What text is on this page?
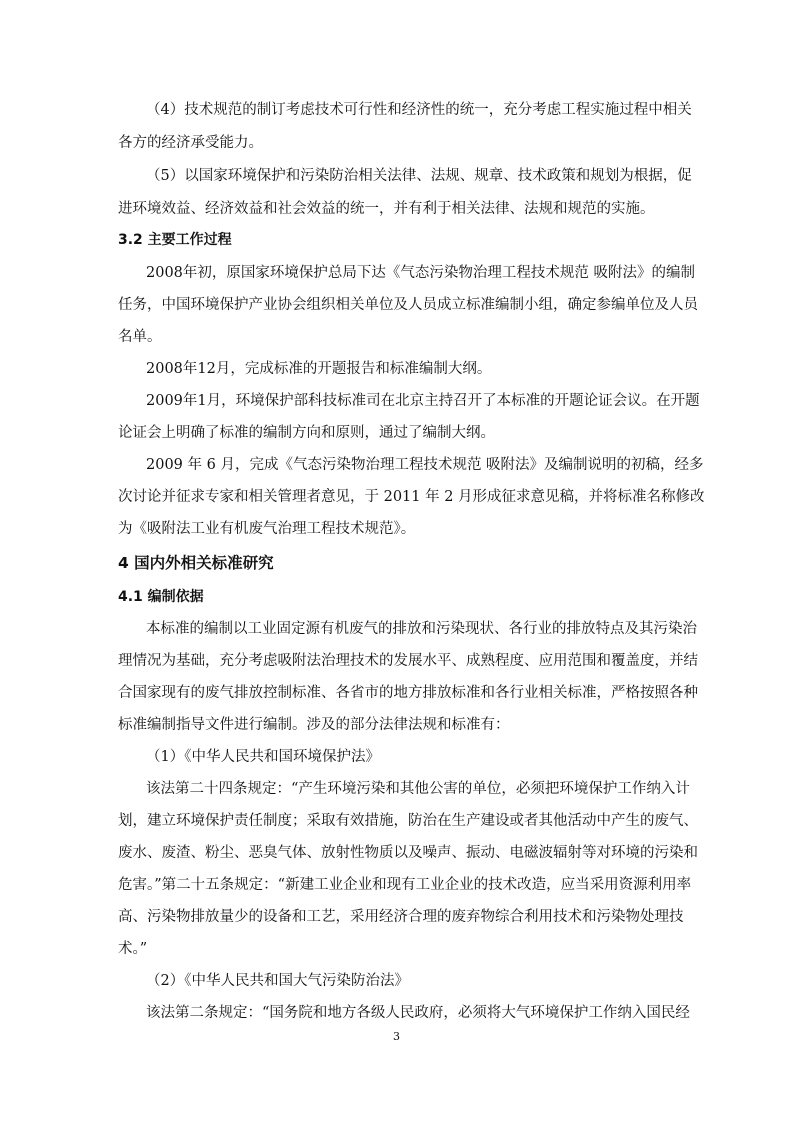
（4）技术规范的制订考虑技术可行性和经济性的统一，充分考虑工程实施过程中相关
各方的经济承受能力。
（5）以国家环境保护和污染防治相关法律、法规、规章、技术政策和规划为根据，促
进环境效益、经济效益和社会效益的统一，并有利于相关法律、法规和规范的实施。
3.2 主要工作过程
2008年初，原国家环境保护总局下达《气态污染物治理工程技术规范 吸附法》的编制
任务，中国环境保护产业协会组织相关单位及人员成立标准编制小组，确定参编单位及人员
名单。
2008年12月，完成标准的开题报告和标准编制大纲。
2009年1月，环境保护部科技标准司在北京主持召开了本标准的开题论证会议。在开题
论证会上明确了标准的编制方向和原则，通过了编制大纲。
2009 年 6 月，完成《气态污染物治理工程技术规范 吸附法》及编制说明的初稿，经多
次讨论并征求专家和相关管理者意见，于 2011 年 2 月形成征求意见稿，并将标准名称修改
为《吸附法工业有机废气治理工程技术规范》。
4 国内外相关标准研究
4.1 编制依据
本标准的编制以工业固定源有机废气的排放和污染现状、各行业的排放特点及其污染治
理情况为基础，充分考虑吸附法治理技术的发展水平、成熟程度、应用范围和覆盖度，并结
合国家现有的废气排放控制标准、各省市的地方排放标准和各行业相关标准，严格按照各种
标准编制指导文件进行编制。涉及的部分法律法规和标准有：
（1）《中华人民共和国环境保护法》
该法第二十四条规定：“产生环境污染和其他公害的单位，必须把环境保护工作纳入计
划，建立环境保护责任制度；采取有效措施，防治在生产建设或者其他活动中产生的废气、
废水、废渣、粉尘、恶臭气体、放射性物质以及噪声、振动、电磁波辐射等对环境的污染和
危害。”第二十五条规定：“新建工业企业和现有工业企业的技术改造，应当采用资源利用率
高、污染物排放量少的设备和工艺，采用经济合理的废弃物综合利用技术和污染物处理技
术。”
（2）《中华人民共和国大气污染防治法》
该法第二条规定：“国务院和地方各级人民政府，必须将大气环境保护工作纳入国民经
3
